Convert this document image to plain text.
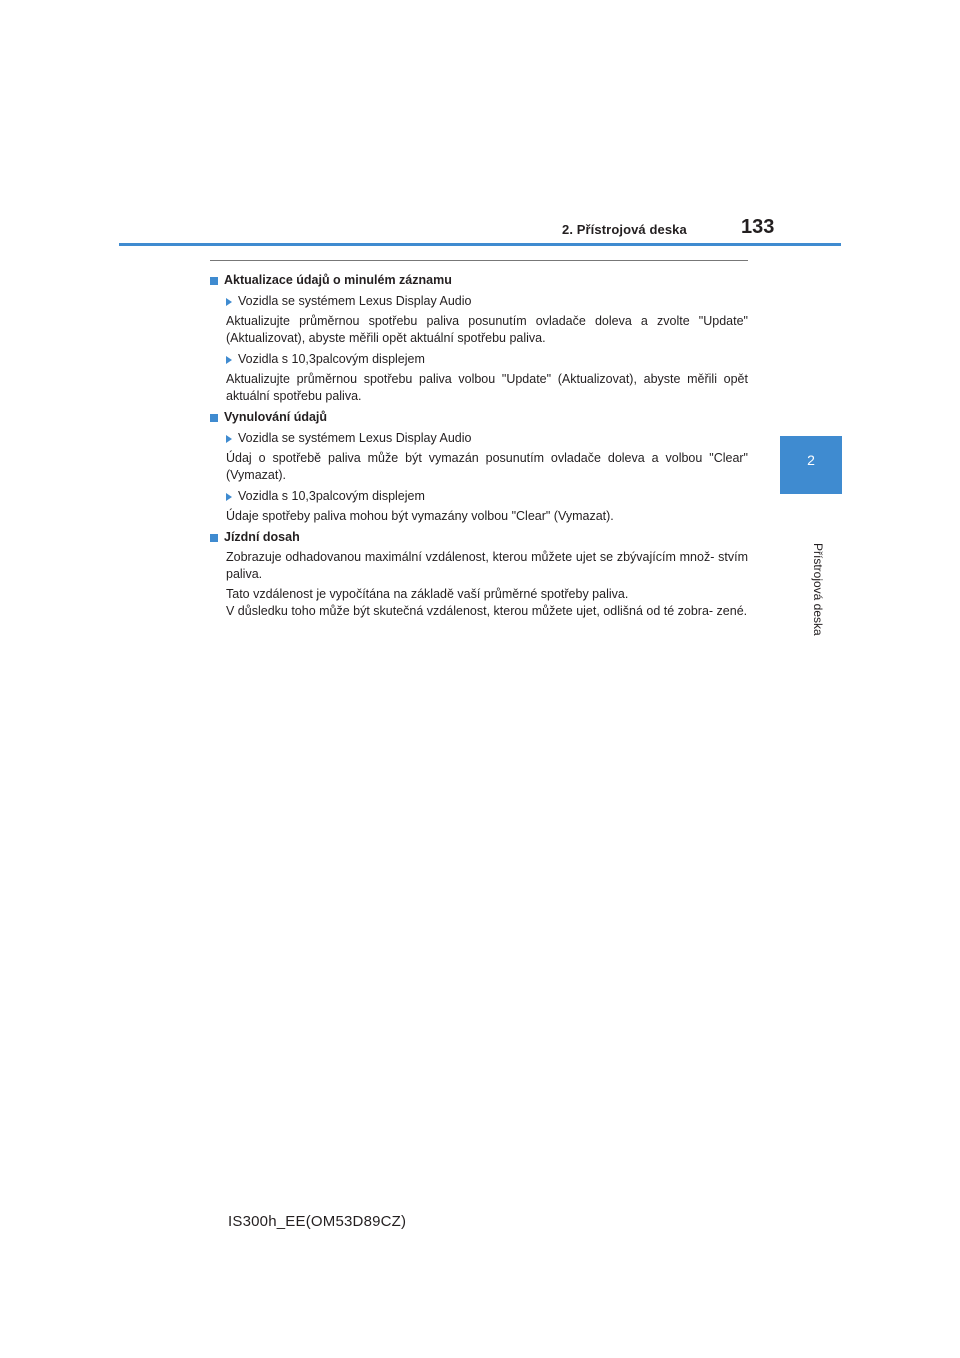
2. Přístrojová deska	133
2
Přístrojová deska
Aktualizace údajů o minulém záznamu
Vozidla se systémem Lexus Display Audio
Aktualizujte průměrnou spotřebu paliva posunutím ovladače doleva a zvolte "Update" (Aktualizovat), abyste měřili opět aktuální spotřebu paliva.
Vozidla s 10,3palcovým displejem
Aktualizujte průměrnou spotřebu paliva volbou "Update" (Aktualizovat), abyste měřili opět aktuální spotřebu paliva.
Vynulování údajů
Vozidla se systémem Lexus Display Audio
Údaj o spotřebě paliva může být vymazán posunutím ovladače doleva a volbou "Clear" (Vymazat).
Vozidla s 10,3palcovým displejem
Údaje spotřeby paliva mohou být vymazány volbou "Clear" (Vymazat).
Jízdní dosah
Zobrazuje odhadovanou maximální vzdálenost, kterou můžete ujet se zbývajícím množ- stvím paliva.
Tato vzdálenost je vypočítána na základě vaší průměrné spotřeby paliva.
V důsledku toho může být skutečná vzdálenost, kterou můžete ujet, odlišná od té zobra- zené.
IS300h_EE(OM53D89CZ)
